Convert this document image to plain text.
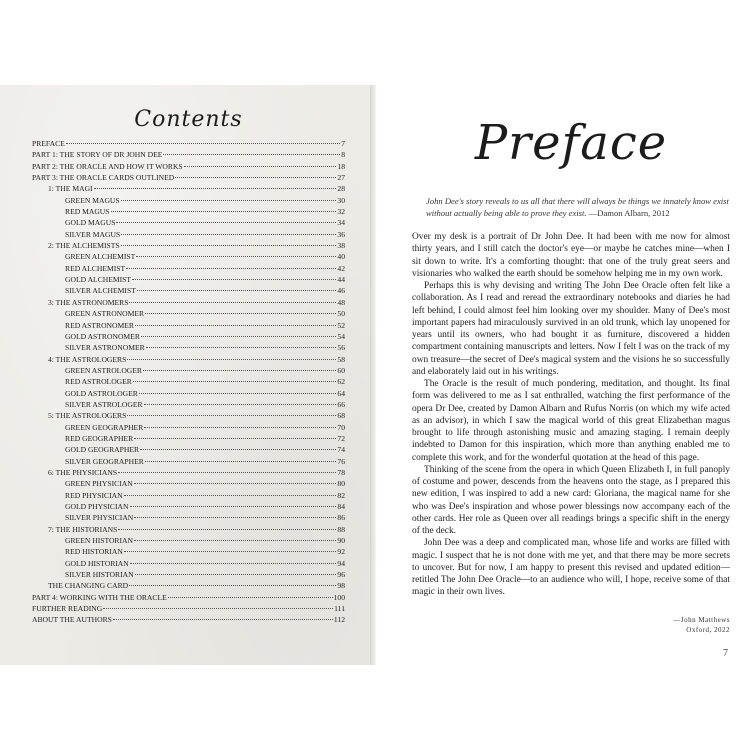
Contents
PREFACE	7
PART 1: THE STORY OF DR JOHN DEE	8
PART 2: THE ORACLE AND HOW IT WORKS	18
PART 3: THE ORACLE CARDS OUTLINED	27
1: THE MAGI	28
GREEN MAGUS	30
RED MAGUS	32
GOLD MAGUS	34
SILVER MAGUS	36
2: THE ALCHEMISTS	38
GREEN ALCHEMIST	40
RED ALCHEMIST	42
GOLD ALCHEMIST	44
SILVER ALCHEMIST	46
3: THE ASTRONOMERS	48
GREEN ASTRONOMER	50
RED ASTRONOMER	52
GOLD ASTRONOMER	54
SILVER ASTRONOMER	56
4: THE ASTROLOGERS	58
GREEN ASTROLOGER	60
RED ASTROLOGER	62
GOLD ASTROLOGER	64
SILVER ASTROLOGER	66
5: THE ASTROLOGERS	68
GREEN GEOGRAPHER	70
RED GEOGRAPHER	72
GOLD GEOGRAPHER	74
SILVER GEOGRAPHER	76
6: THE PHYSICIANS	78
GREEN PHYSICIAN	80
RED PHYSICIAN	82
GOLD PHYSICIAN	84
SILVER PHYSICIAN	86
7: THE HISTORIANS	88
GREEN HISTORIAN	90
RED HISTORIAN	92
GOLD HISTORIAN	94
SILVER HISTORIAN	96
THE CHANGING CARD	98
PART 4: WORKING WITH THE ORACLE	100
FURTHER READING	111
ABOUT THE AUTHORS	112
Preface

John Dee's story reveals to us all that there will always be things we innately know exist without actually being able to prove they exist. —Damon Albarn, 2012

Over my desk is a portrait of Dr John Dee. It had been with me now for almost thirty years, and I still catch the doctor's eye—or maybe he catches mine—when I sit down to write. It's a comforting thought: that one of the truly great seers and visionaries who walked the earth should be somehow helping me in my own work.

Perhaps this is why devising and writing The John Dee Oracle often felt like a collaboration. As I read and reread the extraordinary notebooks and diaries he had left behind, I could almost feel him looking over my shoulder. Many of Dee's most important papers had miraculously survived in an old trunk, which lay unopened for years until its owners, who had bought it as furniture, discovered a hidden compartment containing manuscripts and letters. Now I felt I was on the track of my own treasure—the secret of Dee's magical system and the visions he so successfully and elaborately laid out in his writings.

The Oracle is the result of much pondering, meditation, and thought. Its final form was delivered to me as I sat enthralled, watching the first performance of the opera Dr Dee, created by Damon Albarn and Rufus Norris (on which my wife acted as an advisor), in which I saw the magical world of this great Elizabethan magus brought to life through astonishing music and amazing staging. I remain deeply indebted to Damon for this inspiration, which more than anything enabled me to complete this work, and for the wonderful quotation at the head of this page.

Thinking of the scene from the opera in which Queen Elizabeth I, in full panoply of costume and power, descends from the heavens onto the stage, as I prepared this new edition, I was inspired to add a new card: Gloriana, the magical name for she who was Dee's inspiration and whose power blessings now accompany each of the other cards. Her role as Queen over all readings brings a specific shift in the energy of the deck.

John Dee was a deep and complicated man, whose life and works are filled with magic. I suspect that he is not done with me yet, and that there may be more secrets to uncover. But for now, I am happy to present this revised and updated edition—retitled The John Dee Oracle—to an audience who will, I hope, receive some of that magic in their own lives.

—John Matthews
Oxford, 2022
7
